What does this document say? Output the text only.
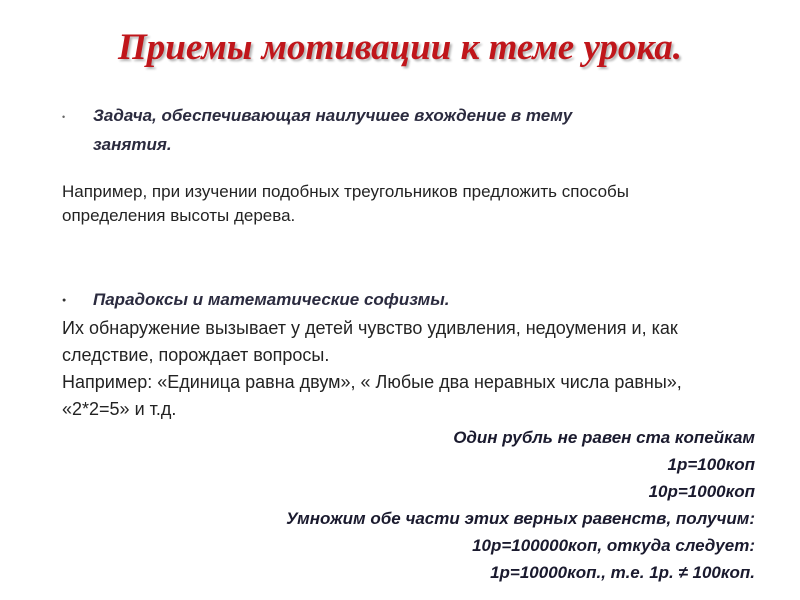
Приемы мотивации к теме урока.
• Задача, обеспечивающая наилучшее вхождение в тему
занятия.
Например, при изучении подобных треугольников предложить способы
определения высоты дерева.
● Парадоксы и математические софизмы.
Их обнаружение вызывает у детей чувство удивления, недоумения и, как
следствие, порождает вопросы.
Например: «Единица равна двум», « Любые два неравных числа равны»,
«2*2=5» и т.д.
Один рубль не равен ста копейкам
1р=100коп
10р=1000коп
Умножим обе части этих верных равенств, получим:
10р=100000коп, откуда следует:
1р=10000коп., т.е. 1р. ≠ 100коп.
